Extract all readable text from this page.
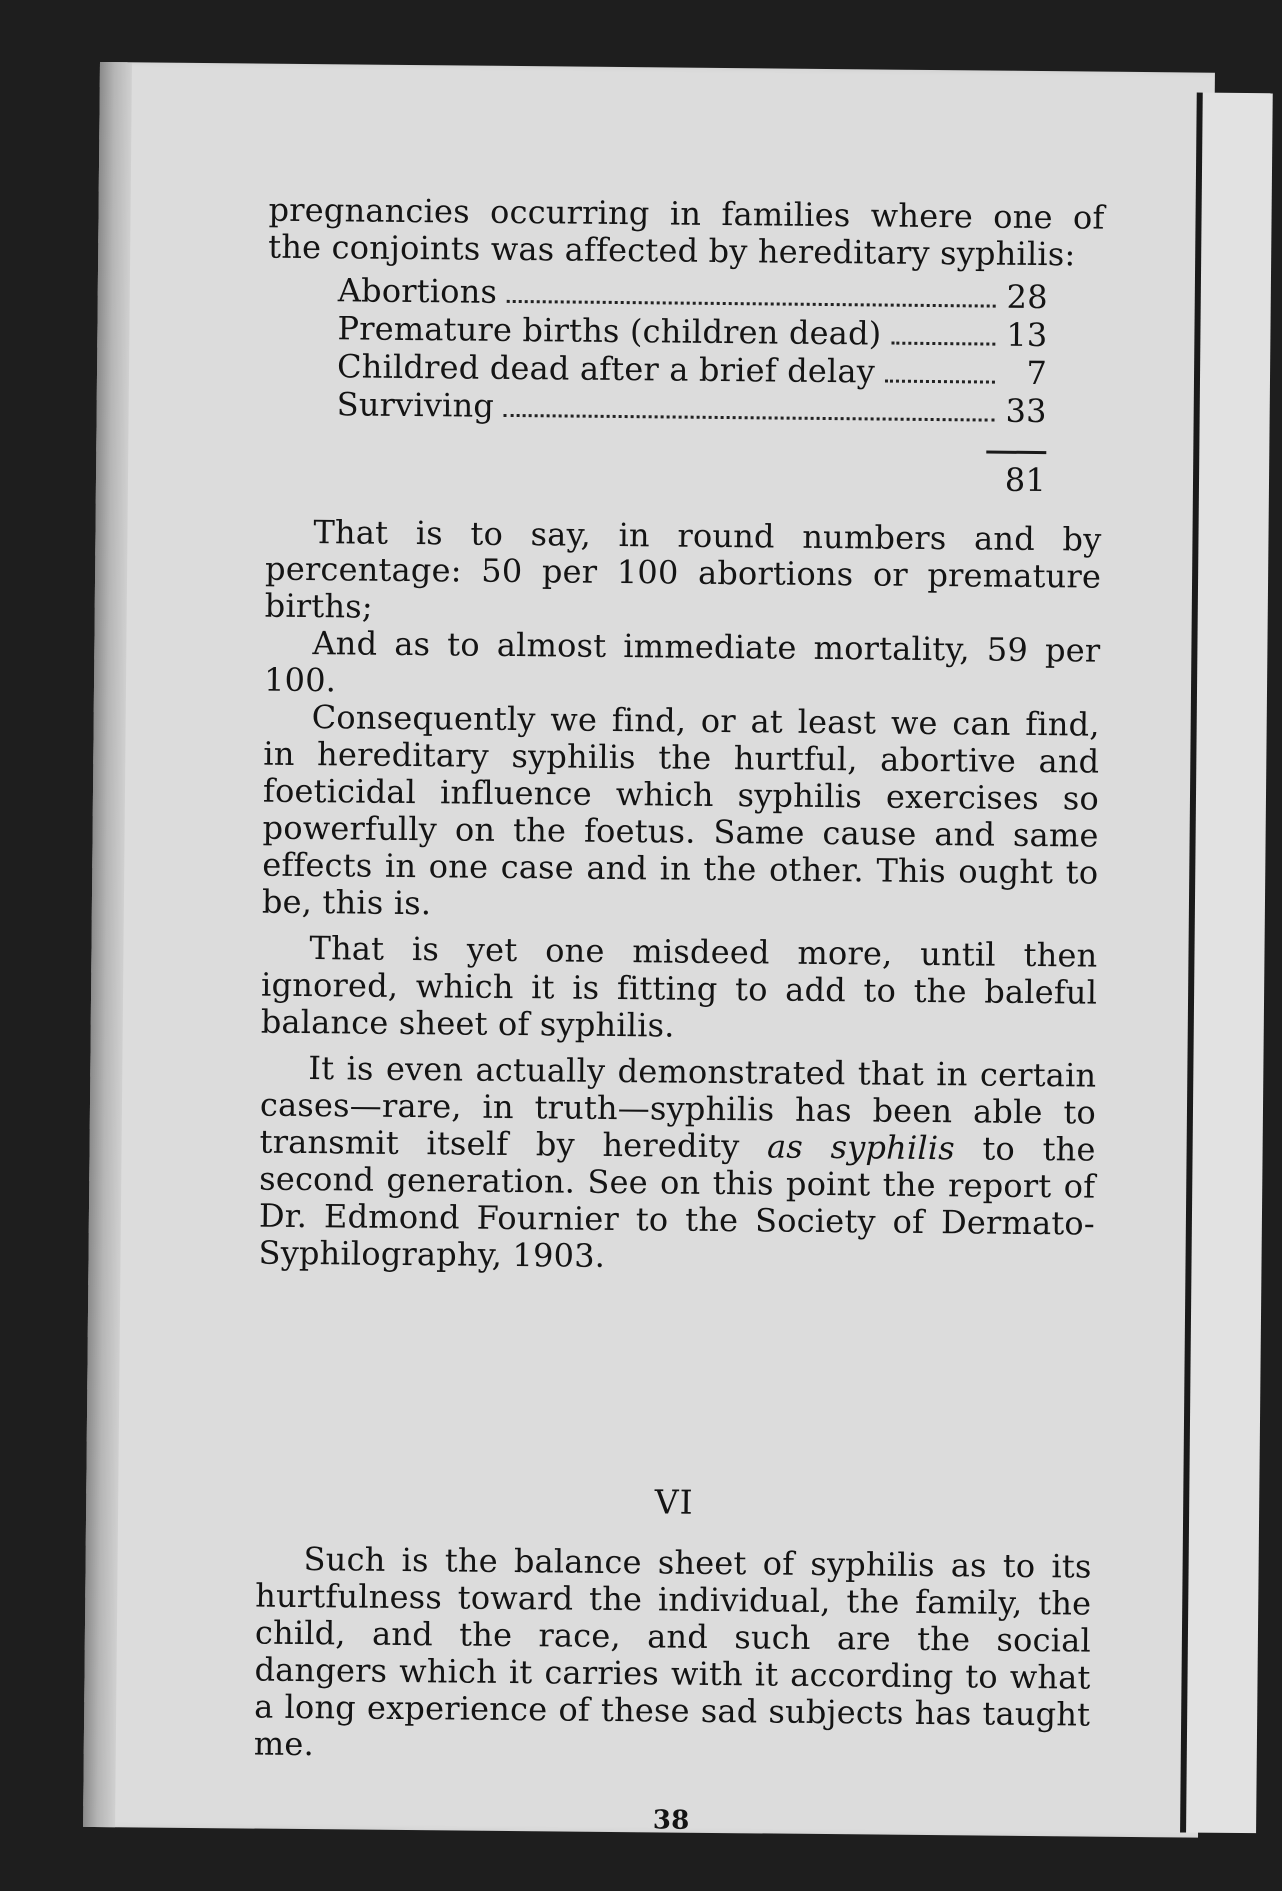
pregnancies occurring in families where one of the conjoints was affected by hereditary syphilis:

Abortions	28
Premature births (children dead)	13
Childred dead after a brief delay	7
Surviving	33
81

That is to say, in round numbers and by percentage: 50 per 100 abortions or premature births;

And as to almost immediate mortality, 59 per 100.

Consequently we find, or at least we can find, in hereditary syphilis the hurtful, abortive and foeticidal influence which syphilis exercises so powerfully on the foetus. Same cause and same effects in one case and in the other. This ought to be, this is.

That is yet one misdeed more, until then ignored, which it is fitting to add to the baleful balance sheet of syphilis.

It is even actually demonstrated that in certain cases—rare, in truth—syphilis has been able to transmit itself by heredity as syphilis to the second generation. See on this point the report of Dr. Edmond Fournier to the Society of Dermato-Syphilography, 1903.

VI

Such is the balance sheet of syphilis as to its hurtfulness toward the individual, the family, the child, and the race, and such are the social dangers which it carries with it according to what a long experience of these sad subjects has taught me.

38
